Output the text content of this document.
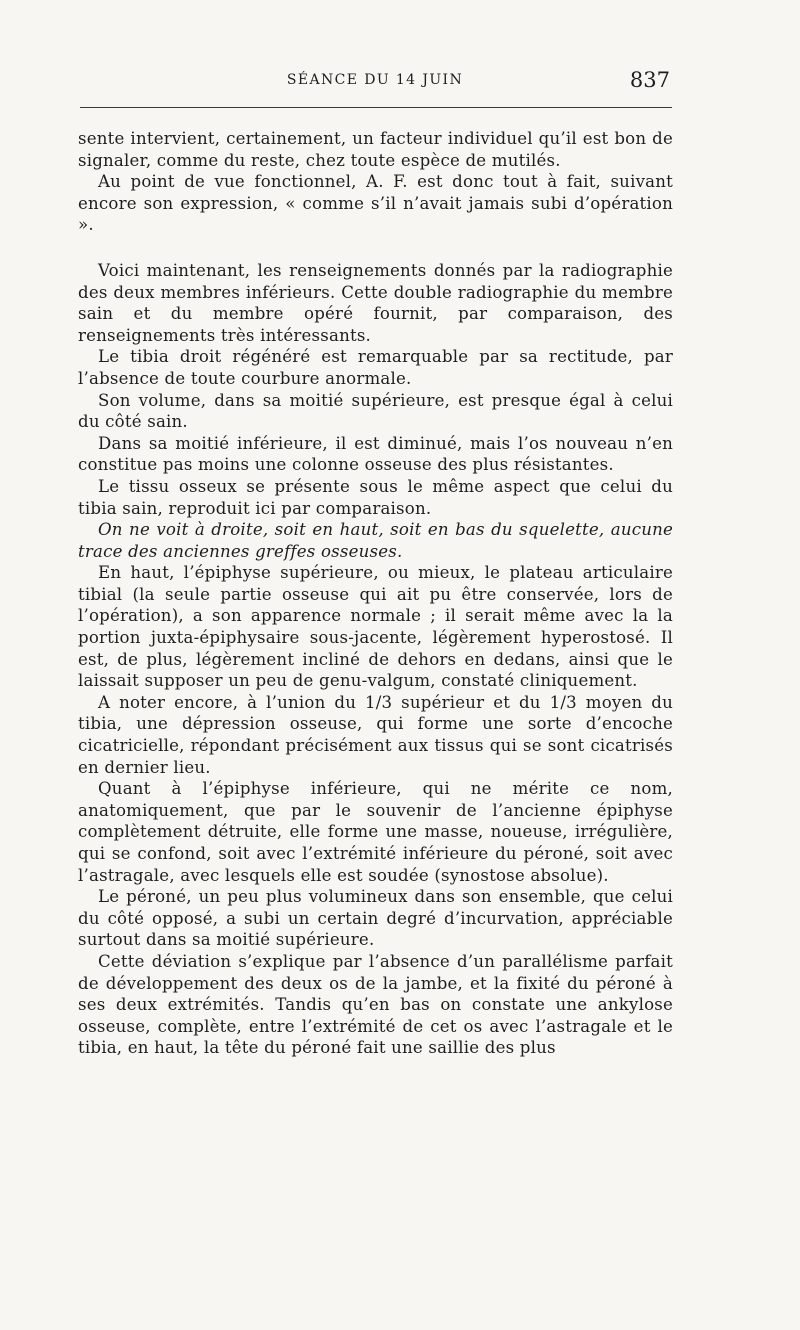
SÉANCE DU 14 JUIN	837

sente intervient, certainement, un facteur individuel qu’il est bon de signaler, comme du reste, chez toute espèce de mutilés.

Au point de vue fonctionnel, A. F. est donc tout à fait, suivant encore son expression, « comme s’il n’avait jamais subi d’opération ».

Voici maintenant, les renseignements donnés par la radiographie des deux membres inférieurs. Cette double radiographie du membre sain et du membre opéré fournit, par comparaison, des renseignements très intéressants.

Le tibia droit régénéré est remarquable par sa rectitude, par l’absence de toute courbure anormale.

Son volume, dans sa moitié supérieure, est presque égal à celui du côté sain.

Dans sa moitié inférieure, il est diminué, mais l’os nouveau n’en constitue pas moins une colonne osseuse des plus résistantes.

Le tissu osseux se présente sous le même aspect que celui du tibia sain, reproduit ici par comparaison.

On ne voit à droite, soit en haut, soit en bas du squelette, aucune trace des anciennes greffes osseuses.

En haut, l’épiphyse supérieure, ou mieux, le plateau articulaire tibial (la seule partie osseuse qui ait pu être conservée, lors de l’opération), a son apparence normale ; il serait même avec la la portion juxta-épiphysaire sous-jacente, légèrement hyperostosé. Il est, de plus, légèrement incliné de dehors en dedans, ainsi que le laissait supposer un peu de genu-valgum, constaté cliniquement.

A noter encore, à l’union du 1/3 supérieur et du 1/3 moyen du tibia, une dépression osseuse, qui forme une sorte d’encoche cicatricielle, répondant précisément aux tissus qui se sont cicatrisés en dernier lieu.

Quant à l’épiphyse inférieure, qui ne mérite ce nom, anatomiquement, que par le souvenir de l’ancienne épiphyse complètement détruite, elle forme une masse, noueuse, irrégulière, qui se confond, soit avec l’extrémité inférieure du péroné, soit avec l’astragale, avec lesquels elle est soudée (synostose absolue).

Le péroné, un peu plus volumineux dans son ensemble, que celui du côté opposé, a subi un certain degré d’incurvation, appréciable surtout dans sa moitié supérieure.

Cette déviation s’explique par l’absence d’un parallélisme parfait de développement des deux os de la jambe, et la fixité du péroné à ses deux extrémités. Tandis qu’en bas on constate une ankylose osseuse, complète, entre l’extrémité de cet os avec l’astragale et le tibia, en haut, la tête du péroné fait une saillie des plus
